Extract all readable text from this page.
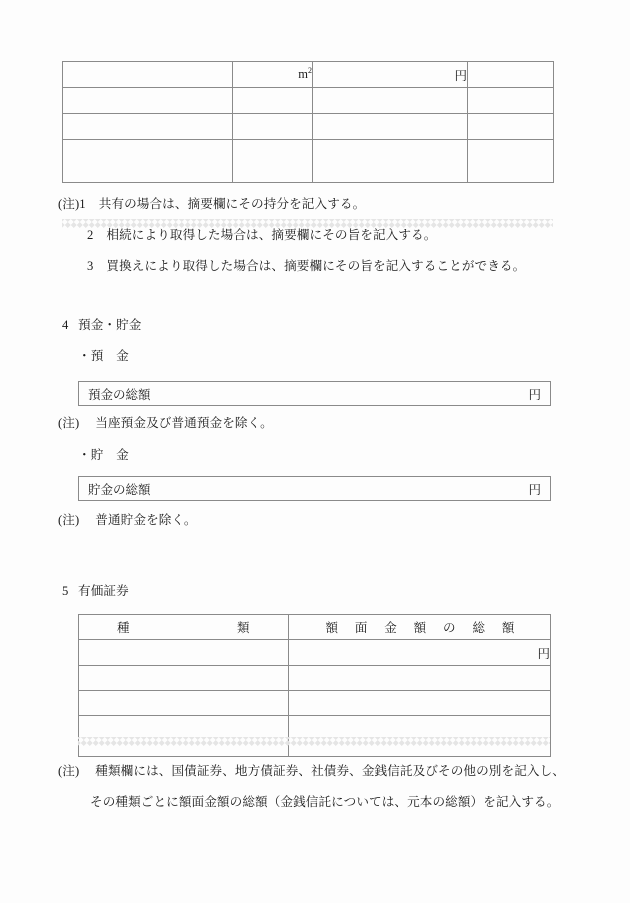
	$m^2$	円	

(注)1 共有の場合は、摘要欄にその持分を記入する。
2 相続により取得した場合は、摘要欄にその旨を記入する。
3 買換えにより取得した場合は、摘要欄にその旨を記入することができる。
4 預金・貯金
・預　金
預金の総額	円
(注) 当座預金及び普通預金を除く。
・貯　金
貯金の総額	円
(注) 普通貯金を除く。
5 有価証券
種　　　　　類	額　面　金　額　の　総　額
	円

(注) 種類欄には、国債証券、地方債証券、社債券、金銭信託及びその他の別を記入し、
その種類ごとに額面金額の総額（金銭信託については、元本の総額）を記入する。
